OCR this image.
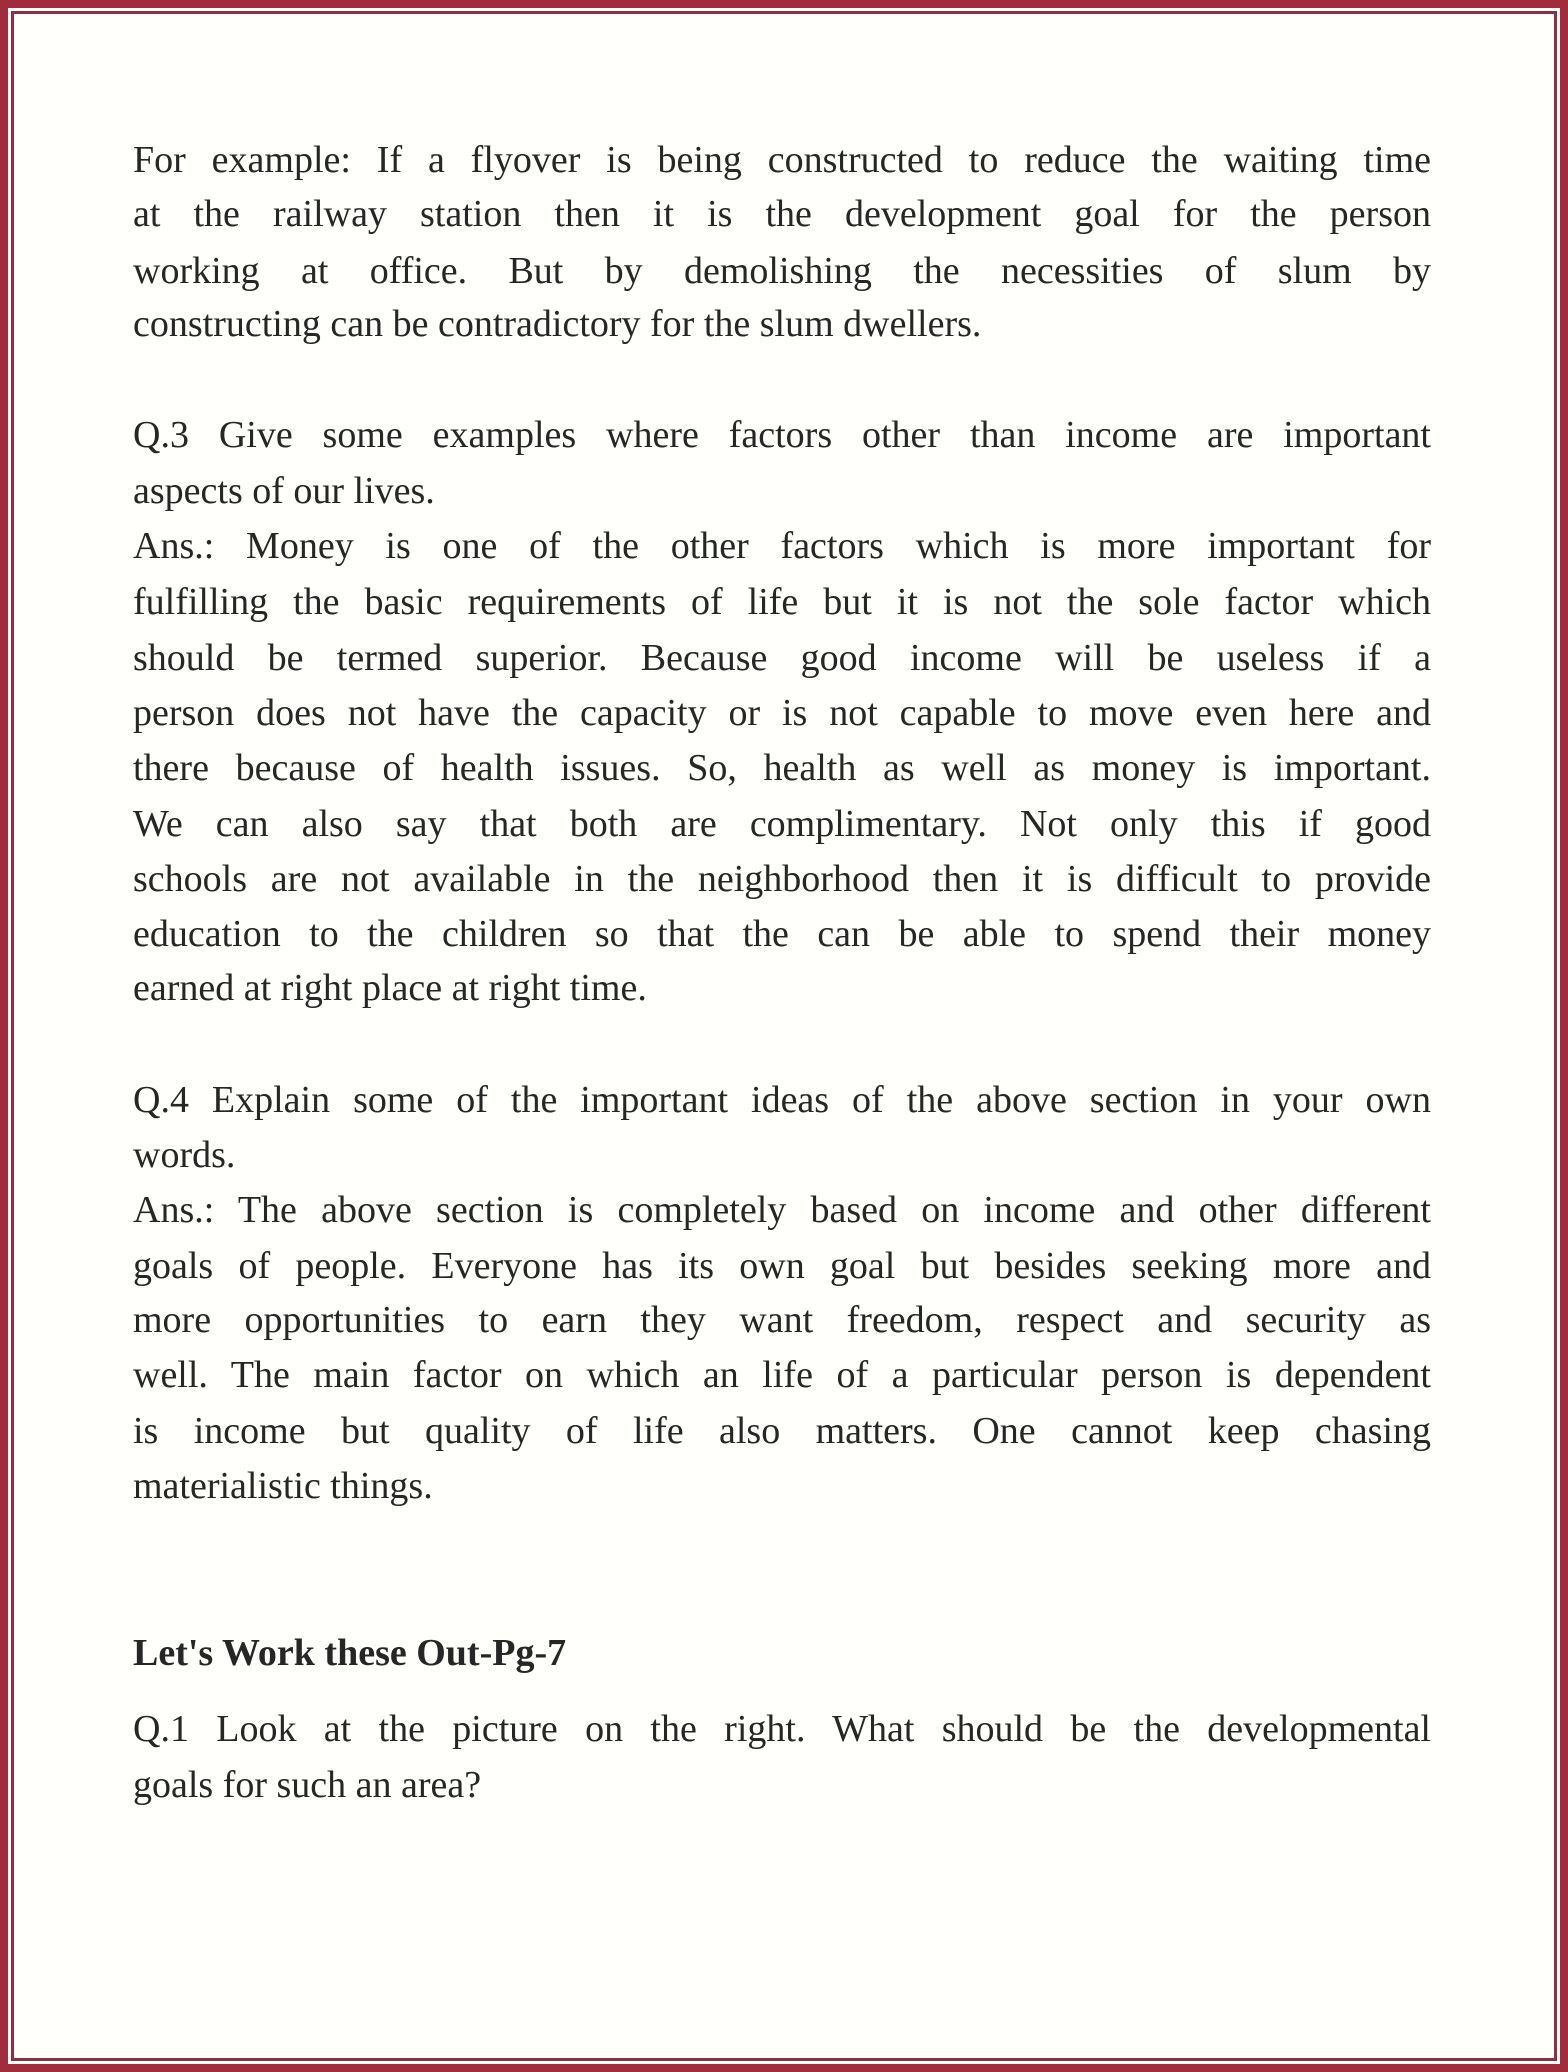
For example: If a flyover is being constructed to reduce the waiting time
at the railway station then it is the development goal for the person
working at office. But by demolishing the necessities of slum by
constructing can be contradictory for the slum dwellers.
Q.3 Give some examples where factors other than income are important
aspects of our lives.
Ans.: Money is one of the other factors which is more important for
fulfilling the basic requirements of life but it is not the sole factor which
should be termed superior. Because good income will be useless if a
person does not have the capacity or is not capable to move even here and
there because of health issues. So, health as well as money is important.
We can also say that both are complimentary. Not only this if good
schools are not available in the neighborhood then it is difficult to provide
education to the children so that the can be able to spend their money
earned at right place at right time.
Q.4 Explain some of the important ideas of the above section in your own
words.
Ans.: The above section is completely based on income and other different
goals of people. Everyone has its own goal but besides seeking more and
more opportunities to earn they want freedom, respect and security as
well. The main factor on which an life of a particular person is dependent
is income but quality of life also matters. One cannot keep chasing
materialistic things.
Let's Work these Out-Pg-7
Q.1 Look at the picture on the right. What should be the developmental
goals for such an area?
